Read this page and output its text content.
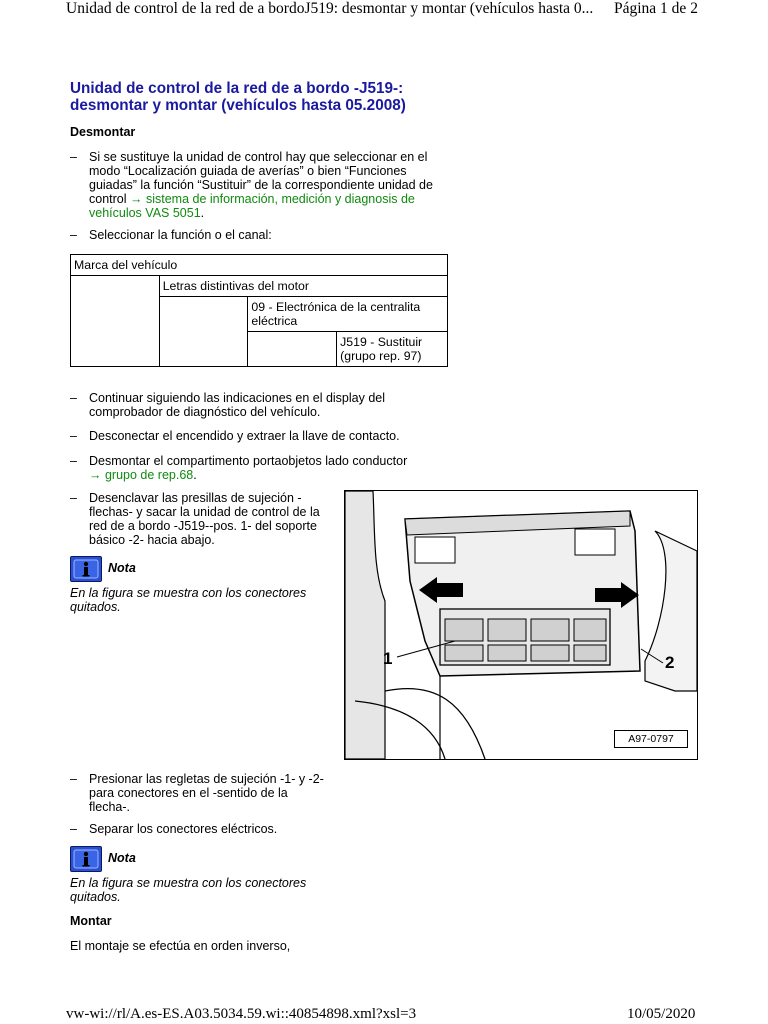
Unidad de control de la red de a bordoJ519: desmontar y montar (vehículos hasta 0... Página 1 de 2
Unidad de control de la red de a bordo -J519-:
desmontar y montar (vehículos hasta 05.2008)
Desmontar
– Si se sustituye la unidad de control hay que seleccionar en el
modo “Localización guiada de averías” o bien “Funciones
guiadas” la función “Sustituir” de la correspondiente unidad de
control → sistema de información, medición y diagnosis de
vehículos VAS 5051.
– Seleccionar la función o el canal:
Marca del vehículo			
	Letras distintivas del motor		

		09 - Electrónica de la centralita
eléctrica	

			J519 - Sustituir
(grupo rep. 97)
– Continuar siguiendo las indicaciones en el display del
comprobador de diagnóstico del vehículo.
– Desconectar el encendido y extraer la llave de contacto.
– Desmontar el compartimento portaobjetos lado conductor
→ grupo de rep.68.
– Desenclavar las presillas de sujeción -
flechas- y sacar la unidad de control de la
red de a bordo -J519--pos. 1- del soporte
básico -2- hacia abajo.
Nota
En la figura se muestra con los conectores
quitados.
1	2
A97-0797
– Presionar las regletas de sujeción -1- y -2-
para conectores en el -sentido de la
flecha-.
– Separar los conectores eléctricos.
Nota
En la figura se muestra con los conectores
quitados.
Montar
El montaje se efectúa en orden inverso,
vw-wi://rl/A.es-ES.A03.5034.59.wi::40854898.xml?xsl=3	10/05/2020
